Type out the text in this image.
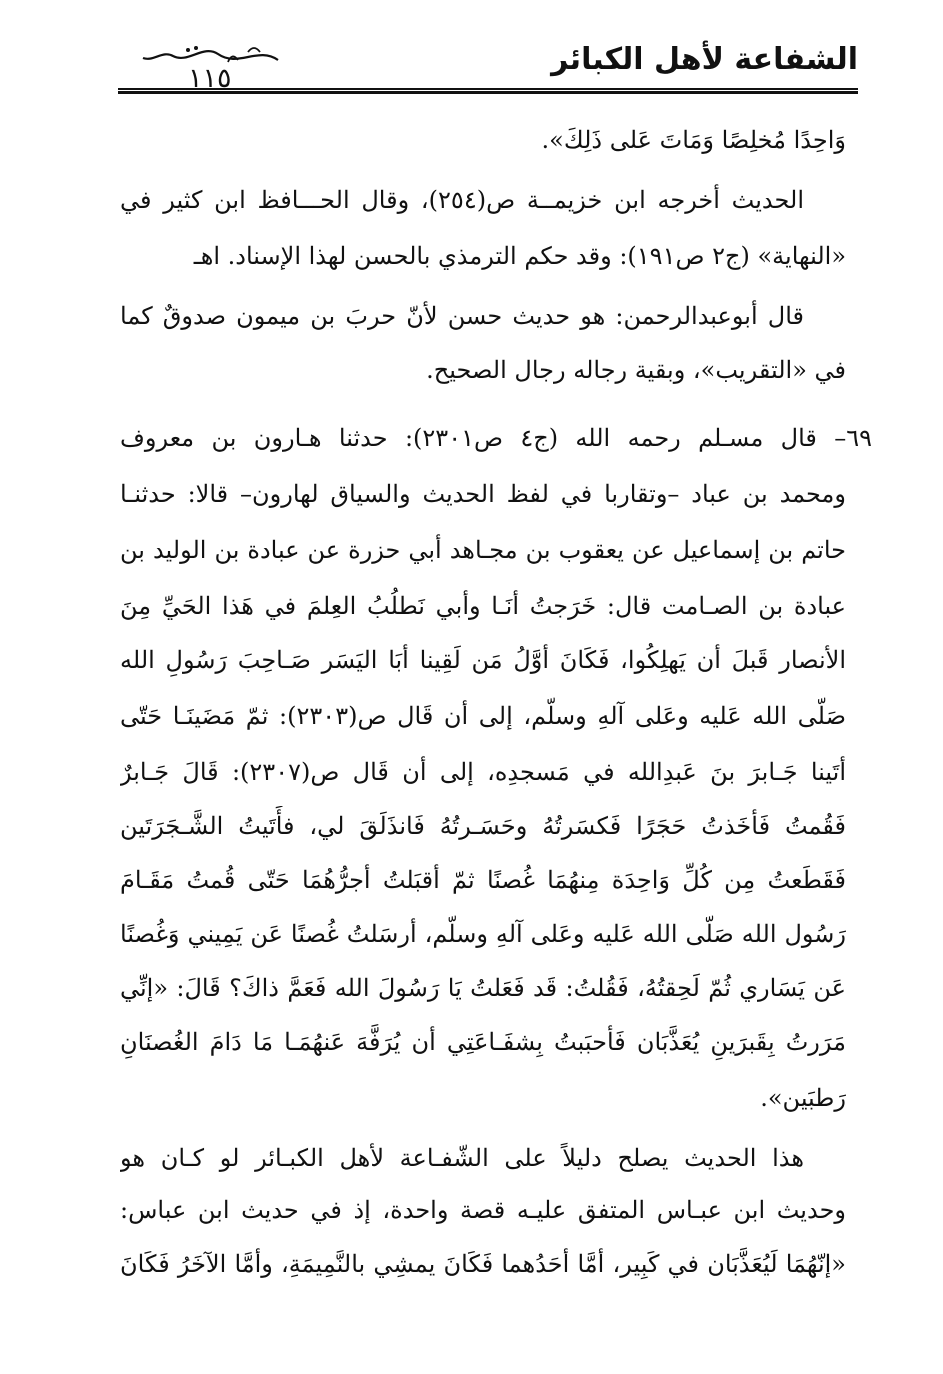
الشفاعة لأهل الكبائر
١١٥
وَاحِدًا مُخلِصًا وَمَاتَ عَلى ذَلِكَ».
الحديث أخرجه ابن خزيمــة ص(٢٥٤)، وقال الحـــافظ ابن كثير في
«النهاية» (ج٢ ص١٩١): وقد حكم الترمذي بالحسن لهذا الإسناد. اهـ
قال أبوعبدالرحمن: هو حديث حسن لأنّ حربَ بن ميمون صدوقٌ كما
في «التقريب»، وبقية رجاله رجال الصحيح.
٦٩– قال مسـلم رحمه الله (ج٤ ص٢٣٠١): حدثنا هـارون بن معروف
ومحمد بن عباد –وتقاربا في لفظ الحديث والسياق لهارون– قالا: حدثنـا
حاتم بن إسماعيل عن يعقوب بن مجـاهد أبي حزرة عن عبادة بن الوليد بن
عبادة بن الصـامت قال: خَرَجتُ أنَـا وأبي نَطلُبُ العِلمَ في هَذا الحَيِّ مِنَ
الأنصار قَبلَ أن يَهلِكُوا، فَكَانَ أوَّلُ مَن لَقِينا أبَا اليَسَر صَـاحِبَ رَسُولِ الله
صَلّى الله عَليه وعَلى آلهِ وسلّم، إلى أن قَال ص(٢٣٠٣): ثمّ مَضَينَـا حَتّى
أتَينا جَـابرَ بنَ عَبدِالله في مَسجدِه، إلى أن قَال ص(٢٣٠٧): قَالَ جَـابرٌ
فَقُمتُ فَأخَذتُ حَجَرًا فَكسَرتُهُ وحَسَـرتُهُ فَانذَلَقَ لي، فأَتَيتُ الشَّـجَرَتَين
فَقَطَعتُ مِن كُلِّ وَاحِدَة مِنهُمَا غُصنًا ثمّ أقبَلتُ أجرُّهُمَا حَتّى قُمتُ مَقَـامَ
رَسُول الله صَلّى الله عَليه وعَلى آلهِ وسلّم، أرسَلتُ غُصنًا عَن يَمِيني وَغُصنًا
عَن يَسَاري ثُمّ لَحِقتُهُ، فَقُلتُ: قَد فَعَلتُ يَا رَسُولَ الله فَعَمَّ ذاكَ؟ قَالَ: «إنِّي
مَرَرتُ بِقَبرَينِ يُعَذَّبَان فَأحبَبتُ بِشفَـاعَتِي أن يُرَفَّهَ عَنهُمَـا مَا دَامَ الغُصنَانِ
رَطبَين».
هذا الحديث يصلح دليلاً على الشّفـاعة لأهل الكبـائر لو كـان هو
وحديث ابن عبـاس المتفق عليـه قصة واحدة، إذ في حديث ابن عباس:
«إنّهُمَا لَيُعَذَّبَان في كَبِير، أمَّا أحَدُهما فَكَانَ يمشِي بالنَّمِيمَةِ، وأمَّا الآخَرُ فَكَانَ
